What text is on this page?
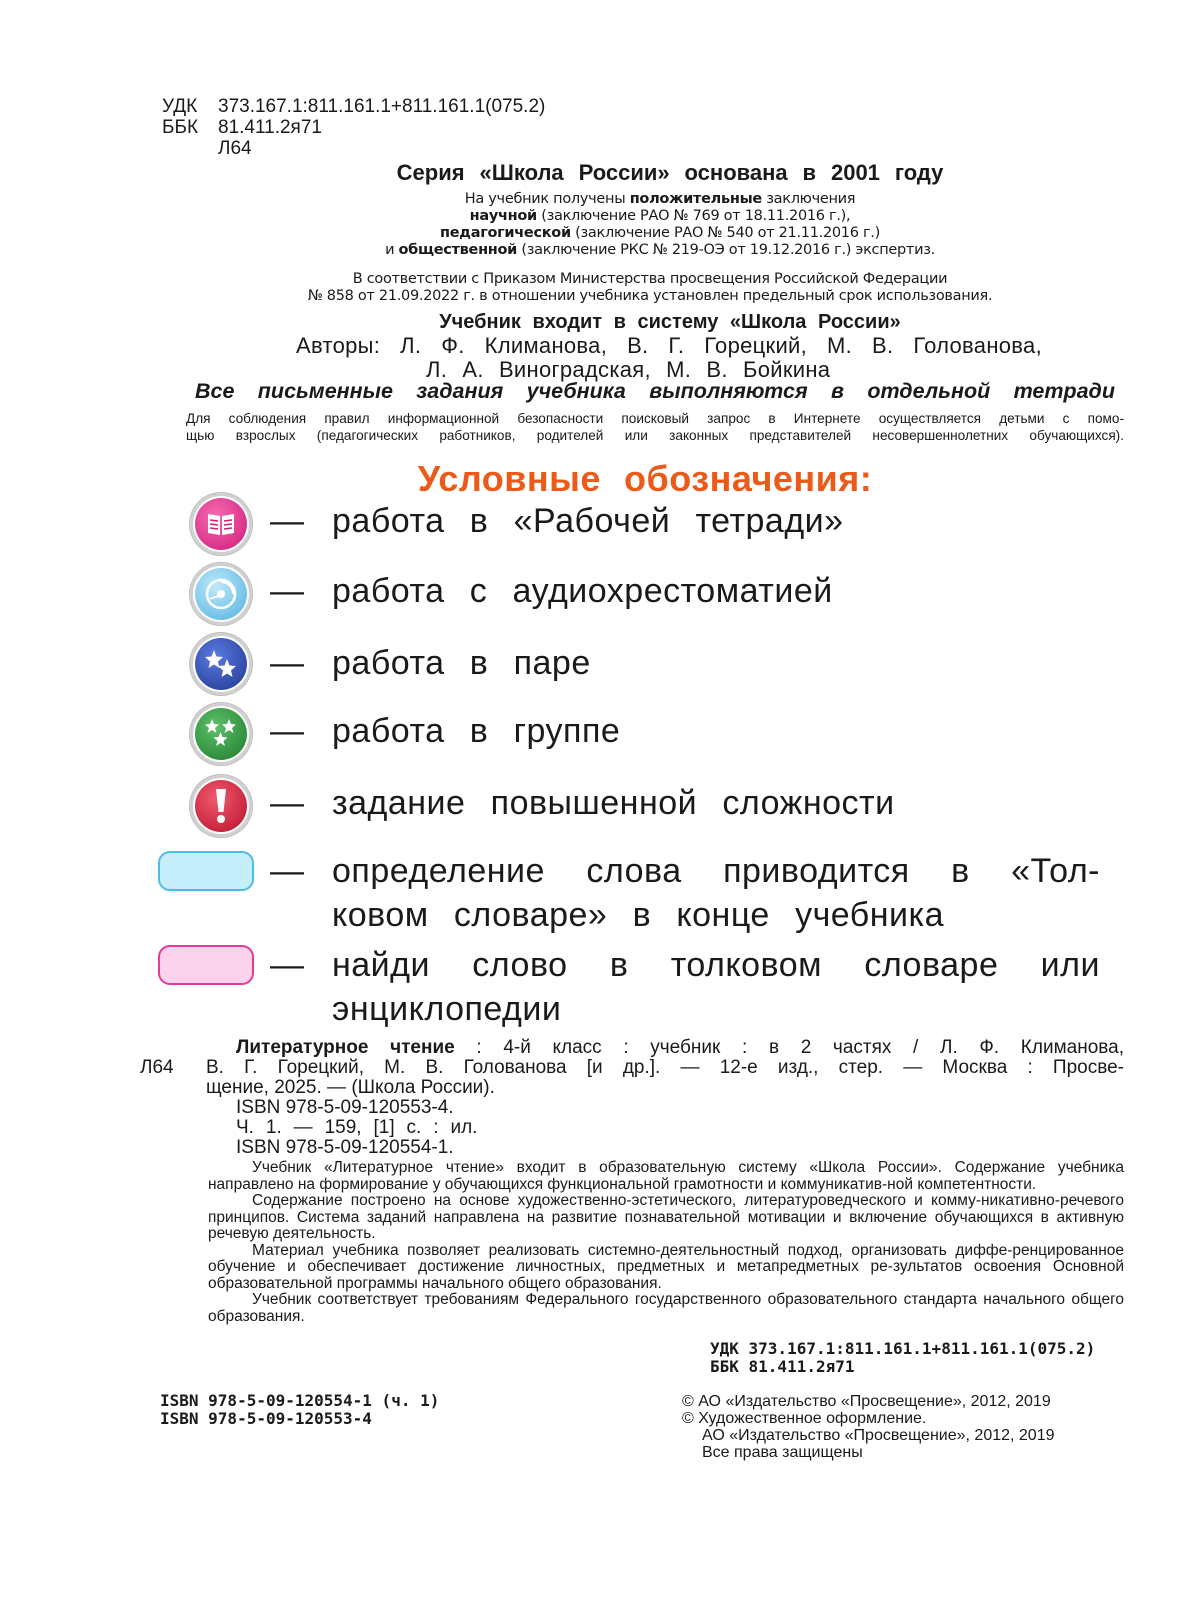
УДК	373.167.1:811.161.1+811.161.1(075.2)
ББК	81.411.2я71
Л64
Серия «Школа России» основана в 2001 году
На учебник получены положительные заключения
научной (заключение РАО № 769 от 18.11.2016 г.),
педагогической (заключение РАО № 540 от 21.11.2016 г.)
и общественной (заключение РКС № 219-ОЭ от 19.12.2016 г.) экспертиз.
В соответствии с Приказом Министерства просвещения Российской Федерации
№ 858 от 21.09.2022 г. в отношении учебника установлен предельный срок использования.
Учебник входит в систему «Школа России»
Авторы: Л. Ф. Климанова, В. Г. Горецкий, М. В. Голованова,
Л. А. Виноградская, М. В. Бойкина
Все письменные задания учебника выполняются в отдельной тетради
Для соблюдения правил информационной безопасности поисковый запрос в Интернете осуществляется детьми с помо-
щью взрослых (педагогических работников, родителей или законных представителей несовершеннолетних обучающихся).
Условные обозначения:
— работа в «Рабочей тетради»
— работа с аудиохрестоматией
— работа в паре
— работа в группе
— задание повышенной сложности
— определение слова приводится в «Тол-
ковом словаре» в конце учебника
— найди слово в толковом словаре или
энциклопедии
Л64
Литературное чтение : 4-й класс : учебник : в 2 частях / Л. Ф. Климанова,
В. Г. Горецкий, М. В. Голованова [и др.]. — 12-е изд., стер. — Москва : Просве-
щение, 2025. — (Школа России).
ISBN 978-5-09-120553-4.
Ч. 1. — 159, [1] с. : ил.
ISBN 978-5-09-120554-1.

Учебник «Литературное чтение» входит в образовательную систему «Школа России». Содержание учебника направлено на формирование у обучающихся функциональной грамотности и коммуникатив-ной компетентности.

Содержание построено на основе художественно-эстетического, литературоведческого и комму-никативно-речевого принципов. Система заданий направлена на развитие познавательной мотивации и включение обучающихся в активную речевую деятельность.

Материал учебника позволяет реализовать системно-деятельностный подход, организовать диффе-ренцированное обучение и обеспечивает достижение личностных, предметных и метапредметных ре-зультатов освоения Основной образовательной программы начального общего образования.

Учебник соответствует требованиям Федерального государственного образовательного стандарта начального общего образования.

УДК 373.167.1:811.161.1+811.161.1(075.2)
ББК 81.411.2я71
ISBN 978-5-09-120554-1 (ч. 1)
ISBN 978-5-09-120553-4
© АО «Издательство «Просвещение», 2012, 2019
© Художественное оформление.
АО «Издательство «Просвещение», 2012, 2019
Все права защищены
